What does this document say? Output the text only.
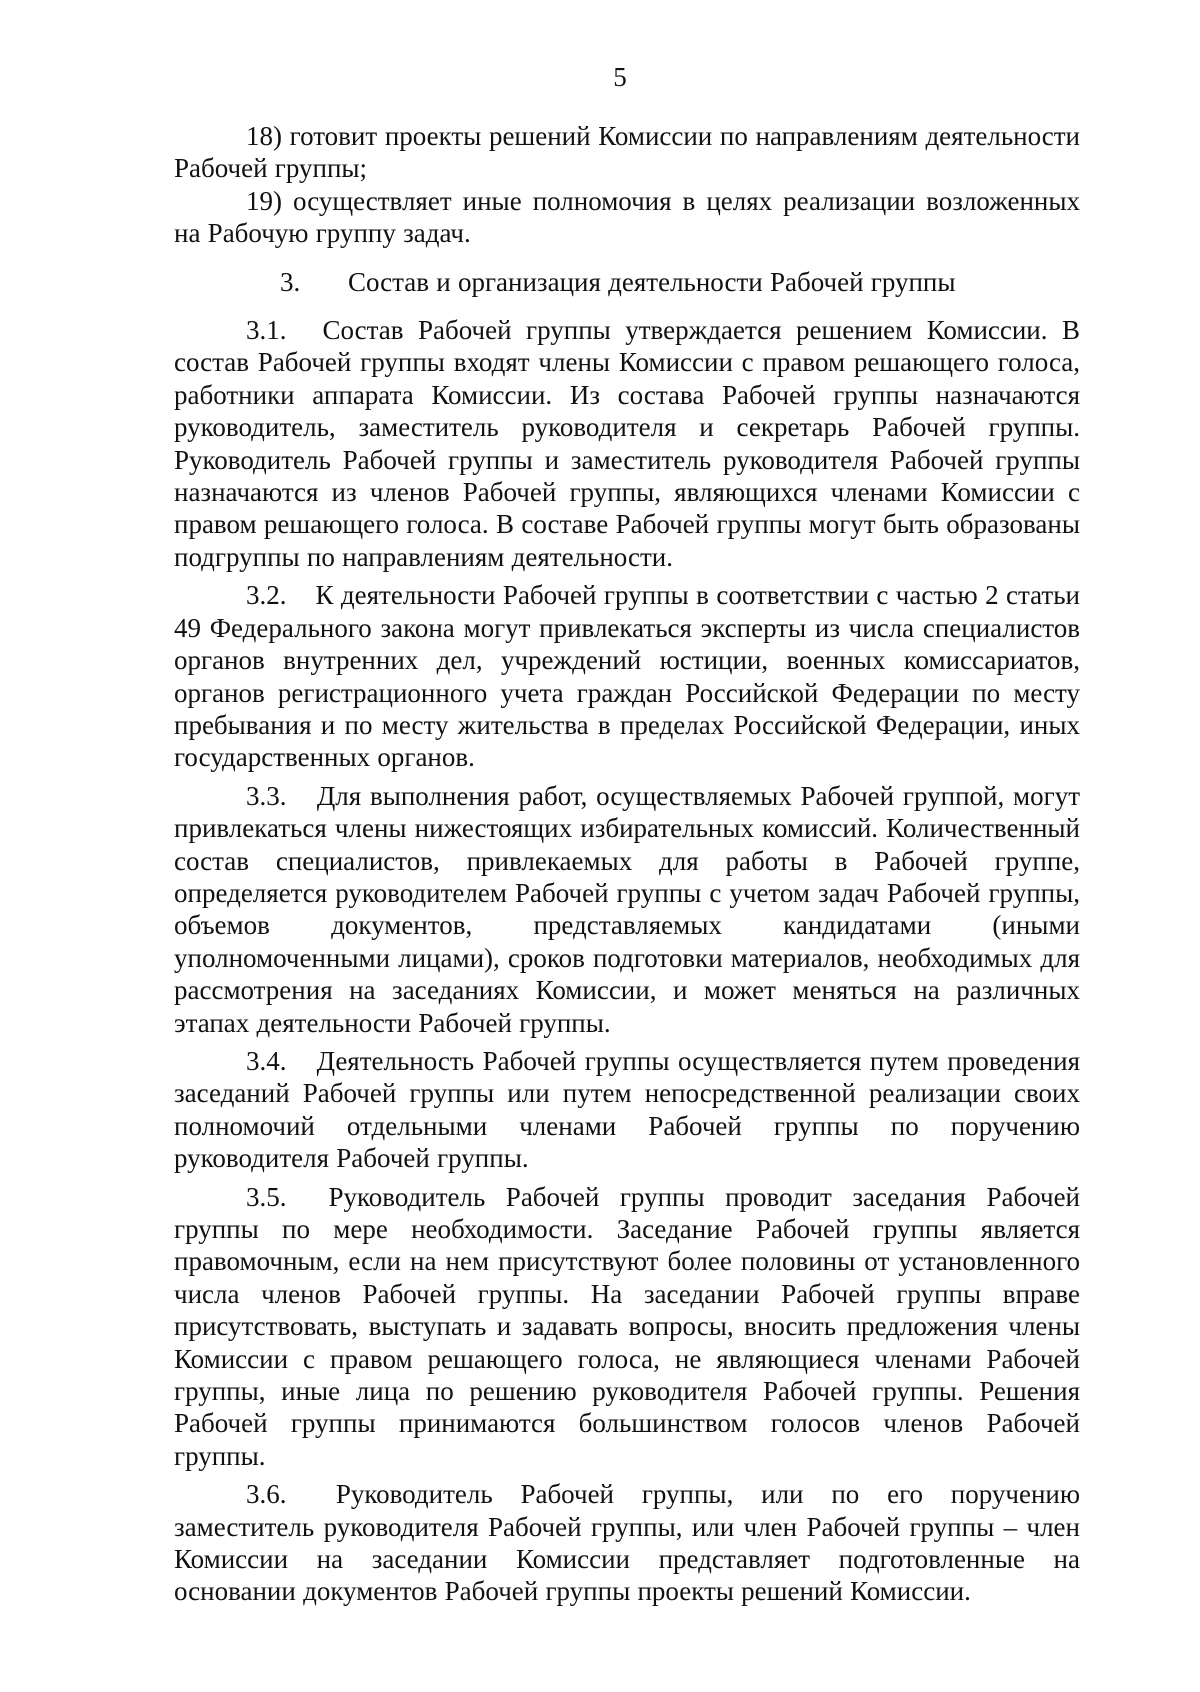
5

18) готовит проекты решений Комиссии по направлениям деятельности Рабочей группы;

19) осуществляет иные полномочия в целях реализации возложенных на Рабочую группу задач.

3. Состав и организация деятельности Рабочей группы

3.1. Состав Рабочей группы утверждается решением Комиссии. В состав Рабочей группы входят члены Комиссии с правом решающего голоса, работники аппарата Комиссии. Из состава Рабочей группы назначаются руководитель, заместитель руководителя и секретарь Рабочей группы. Руководитель Рабочей группы и заместитель руководителя Рабочей группы назначаются из членов Рабочей группы, являющихся членами Комиссии с правом решающего голоса. В составе Рабочей группы могут быть образованы подгруппы по направлениям деятельности.

3.2. К деятельности Рабочей группы в соответствии с частью 2 статьи 49 Федерального закона могут привлекаться эксперты из числа специалистов органов внутренних дел, учреждений юстиции, военных комиссариатов, органов регистрационного учета граждан Российской Федерации по месту пребывания и по месту жительства в пределах Российской Федерации, иных государственных органов.

3.3. Для выполнения работ, осуществляемых Рабочей группой, могут привлекаться члены нижестоящих избирательных комиссий. Количественный состав специалистов, привлекаемых для работы в Рабочей группе, определяется руководителем Рабочей группы с учетом задач Рабочей группы, объемов документов, представляемых кандидатами (иными уполномоченными лицами), сроков подготовки материалов, необходимых для рассмотрения на заседаниях Комиссии, и может меняться на различных этапах деятельности Рабочей группы.

3.4. Деятельность Рабочей группы осуществляется путем проведения заседаний Рабочей группы или путем непосредственной реализации своих полномочий отдельными членами Рабочей группы по поручению руководителя Рабочей группы.

3.5. Руководитель Рабочей группы проводит заседания Рабочей группы по мере необходимости. Заседание Рабочей группы является правомочным, если на нем присутствуют более половины от установленного числа членов Рабочей группы. На заседании Рабочей группы вправе присутствовать, выступать и задавать вопросы, вносить предложения члены Комиссии с правом решающего голоса, не являющиеся членами Рабочей группы, иные лица по решению руководителя Рабочей группы. Решения Рабочей группы принимаются большинством голосов членов Рабочей группы.

3.6. Руководитель Рабочей группы, или по его поручению заместитель руководителя Рабочей группы, или член Рабочей группы – член Комиссии на заседании Комиссии представляет подготовленные на основании документов Рабочей группы проекты решений Комиссии.
